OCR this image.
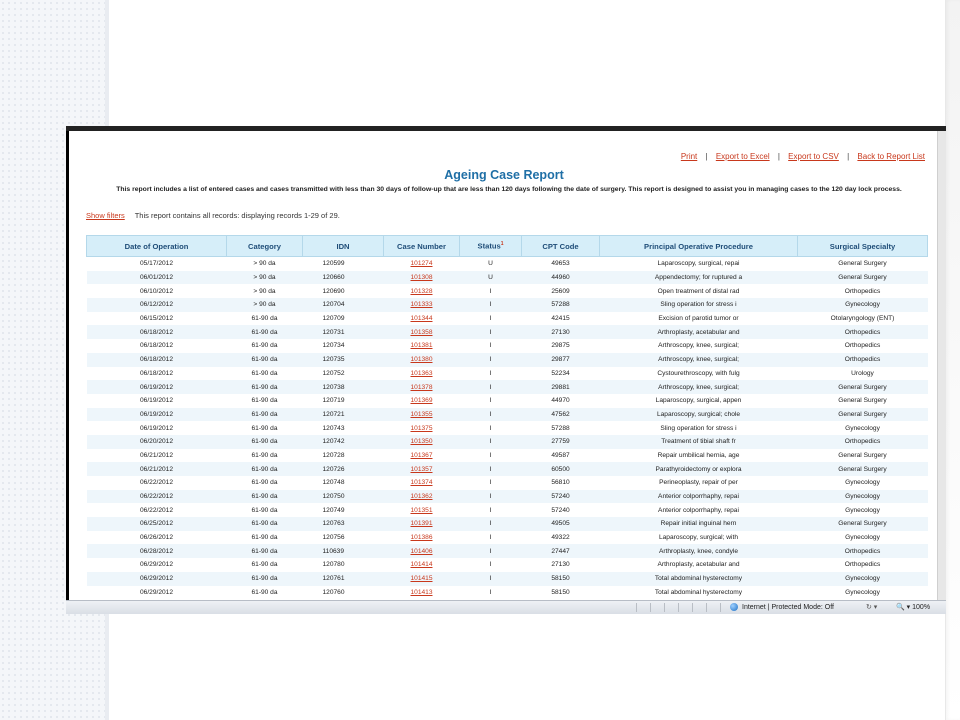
Print | Export to Excel | Export to CSV | Back to Report List
Ageing Case Report
This report includes a list of entered cases and cases transmitted with less than 30 days of follow-up that are less than 120 days following the date of surgery. This report is designed to assist you in managing cases to the 120 day lock process.
Show filters This report contains all records: displaying records 1-29 of 29.
Date of Operation	Category	IDN	Case Number	Status$^1$	CPT Code	Principal Operative Procedure	Surgical Specialty
05/17/2012	> 90 da	120599	101274	U	49653	Laparoscopy, surgical, repai	General Surgery
06/01/2012	> 90 da	120660	101308	U	44960	Appendectomy; for ruptured a	General Surgery
06/10/2012	> 90 da	120690	101328	I	25609	Open treatment of distal rad	Orthopedics
06/12/2012	> 90 da	120704	101333	I	57288	Sling operation for stress i	Gynecology
06/15/2012	61-90 da	120709	101344	I	42415	Excision of parotid tumor or	Otolaryngology (ENT)
06/18/2012	61-90 da	120731	101358	I	27130	Arthroplasty, acetabular and	Orthopedics
06/18/2012	61-90 da	120734	101381	I	29875	Arthroscopy, knee, surgical;	Orthopedics
06/18/2012	61-90 da	120735	101380	I	29877	Arthroscopy, knee, surgical;	Orthopedics
06/18/2012	61-90 da	120752	101363	I	52234	Cystourethroscopy, with fulg	Urology
06/19/2012	61-90 da	120738	101378	I	29881	Arthroscopy, knee, surgical;	General Surgery
06/19/2012	61-90 da	120719	101369	I	44970	Laparoscopy, surgical, appen	General Surgery
06/19/2012	61-90 da	120721	101355	I	47562	Laparoscopy, surgical; chole	General Surgery
06/19/2012	61-90 da	120743	101375	I	57288	Sling operation for stress i	Gynecology
06/20/2012	61-90 da	120742	101350	I	27759	Treatment of tibial shaft fr	Orthopedics
06/21/2012	61-90 da	120728	101367	I	49587	Repair umbilical hernia, age	General Surgery
06/21/2012	61-90 da	120726	101357	I	60500	Parathyroidectomy or explora	General Surgery
06/22/2012	61-90 da	120748	101374	I	56810	Perineoplasty, repair of per	Gynecology
06/22/2012	61-90 da	120750	101362	I	57240	Anterior colporrhaphy, repai	Gynecology
06/22/2012	61-90 da	120749	101351	I	57240	Anterior colporrhaphy, repai	Gynecology
06/25/2012	61-90 da	120763	101391	I	49505	Repair initial inguinal hern	General Surgery
06/26/2012	61-90 da	120756	101386	I	49322	Laparoscopy, surgical; with	Gynecology
06/28/2012	61-90 da	110639	101406	I	27447	Arthroplasty, knee, condyle	Orthopedics
06/29/2012	61-90 da	120780	101414	I	27130	Arthroplasty, acetabular and	Orthopedics
06/29/2012	61-90 da	120761	101415	I	58150	Total abdominal hysterectomy	Gynecology
06/29/2012	61-90 da	120760	101413	I	58150	Total abdominal hysterectomy	Gynecology
Internet | Protected Mode: Off	↻ ▾	🔍 ▾ 100%
